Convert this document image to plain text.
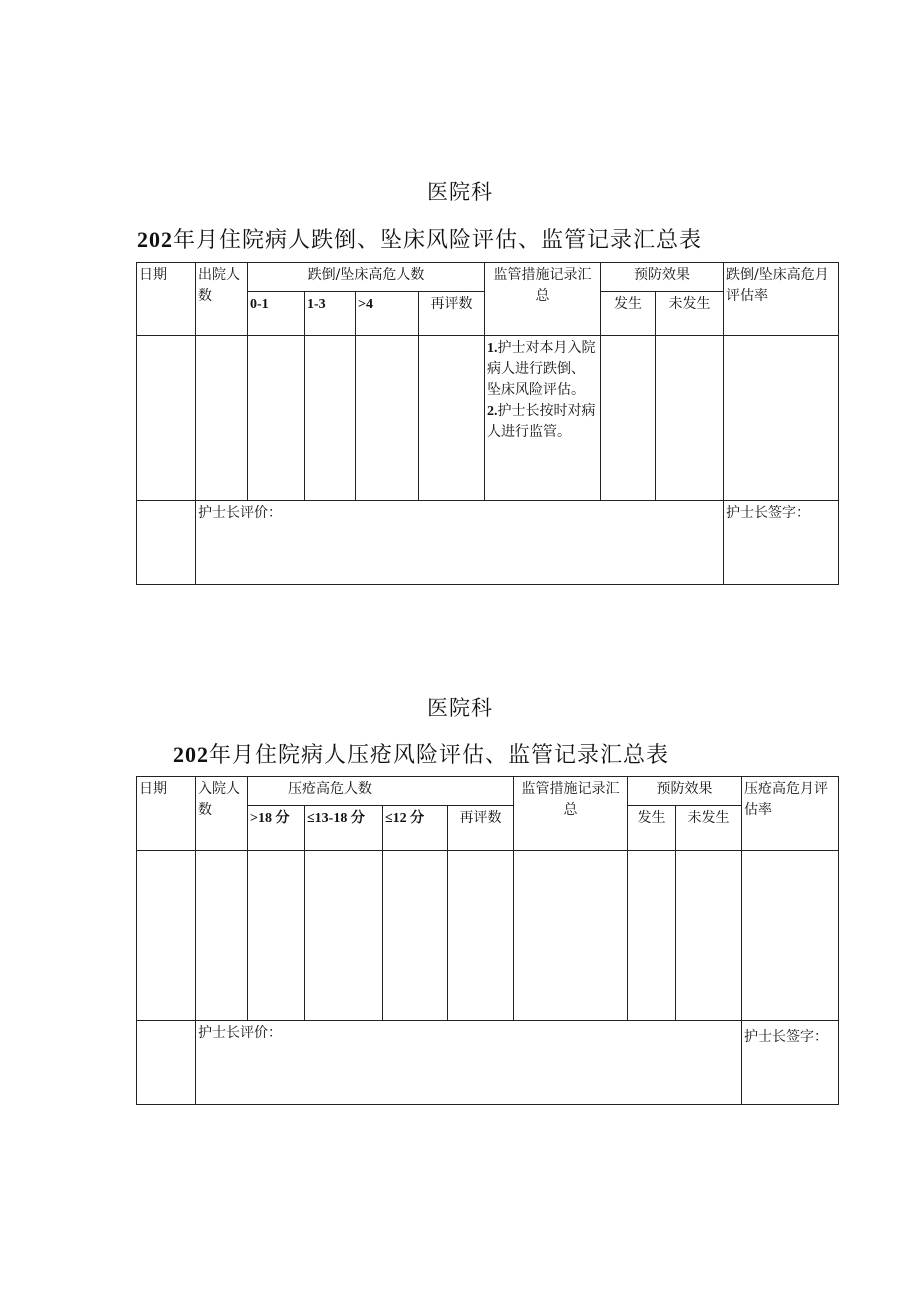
医院科
202年月住院病人跌倒、坠床风险评估、监管记录汇总表
日期	出院人数	跌倒/坠床高危人数				监管措施记录汇总	预防效果		跌倒/坠床高危月评估率
		0-1	1-3	>4	再评数		发生	未发生	

						1.护士对本月入院病人进行跌倒、坠床风险评估。
2.护士长按时对病人进行监管。			

	护士长评价：								护士长签字：
医院科
202年月住院病人压疮风险评估、监管记录汇总表
日期	入院人数	压疮高危人数				监管措施记录汇总	预防效果		压疮高危月评估率
		>18 分	≤13-18 分	≤12 分	再评数		发生	未发生	

	护士长评价：								护士长签字：
